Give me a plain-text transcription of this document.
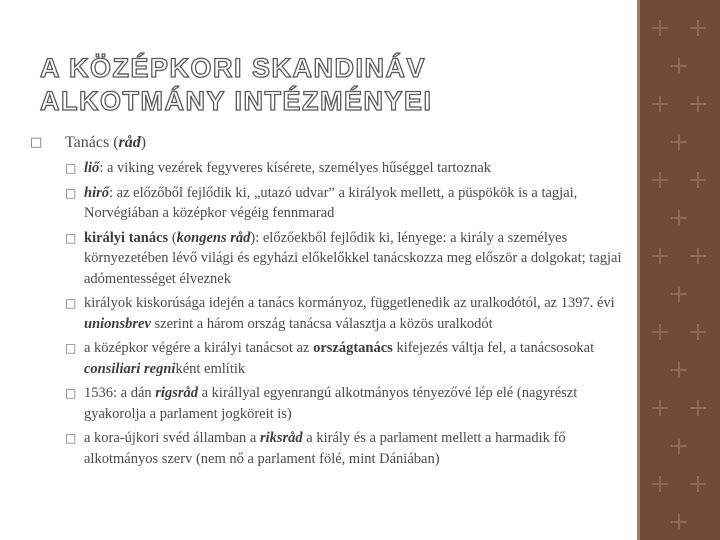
A KÖZÉPKORI SKANDINÁV
ALKOTMÁNY INTÉZMÉNYEI
□ Tanács (råd)
□ liő: a viking vezérek fegyveres kísérete, személyes hűséggel tartoznak
□ hirő: az előzőből fejlődik ki, „utazó udvar” a királyok mellett, a püspökök is a tagjai, Norvégiában a középkor végéig fennmarad
□ királyi tanács (kongens råd): előzőekből fejlődik ki, lényege: a király a személyes környezetében lévő világi és egyházi előkelőkkel tanácskozza meg először a dolgokat; tagjai adómentességet élveznek
□ királyok kiskorúsága idején a tanács kormányoz, függetlenedik az uralkodótól, az 1397. évi unionsbrev szerint a három ország tanácsa választja a közös uralkodót
□ a középkor végére a királyi tanácsot az országtanács kifejezés váltja fel, a tanácsosokat consiliari regniként említik
□ 1536: a dán rigsråd a királlyal egyenrangú alkotmányos tényezővé lép elé (nagyrészt gyakorolja a parlament jogköreit is)
□ a kora-újkori svéd államban a riksråd a király és a parlament mellett a harmadik fő alkotmányos szerv (nem nő a parlament fölé, mint Dániában)
